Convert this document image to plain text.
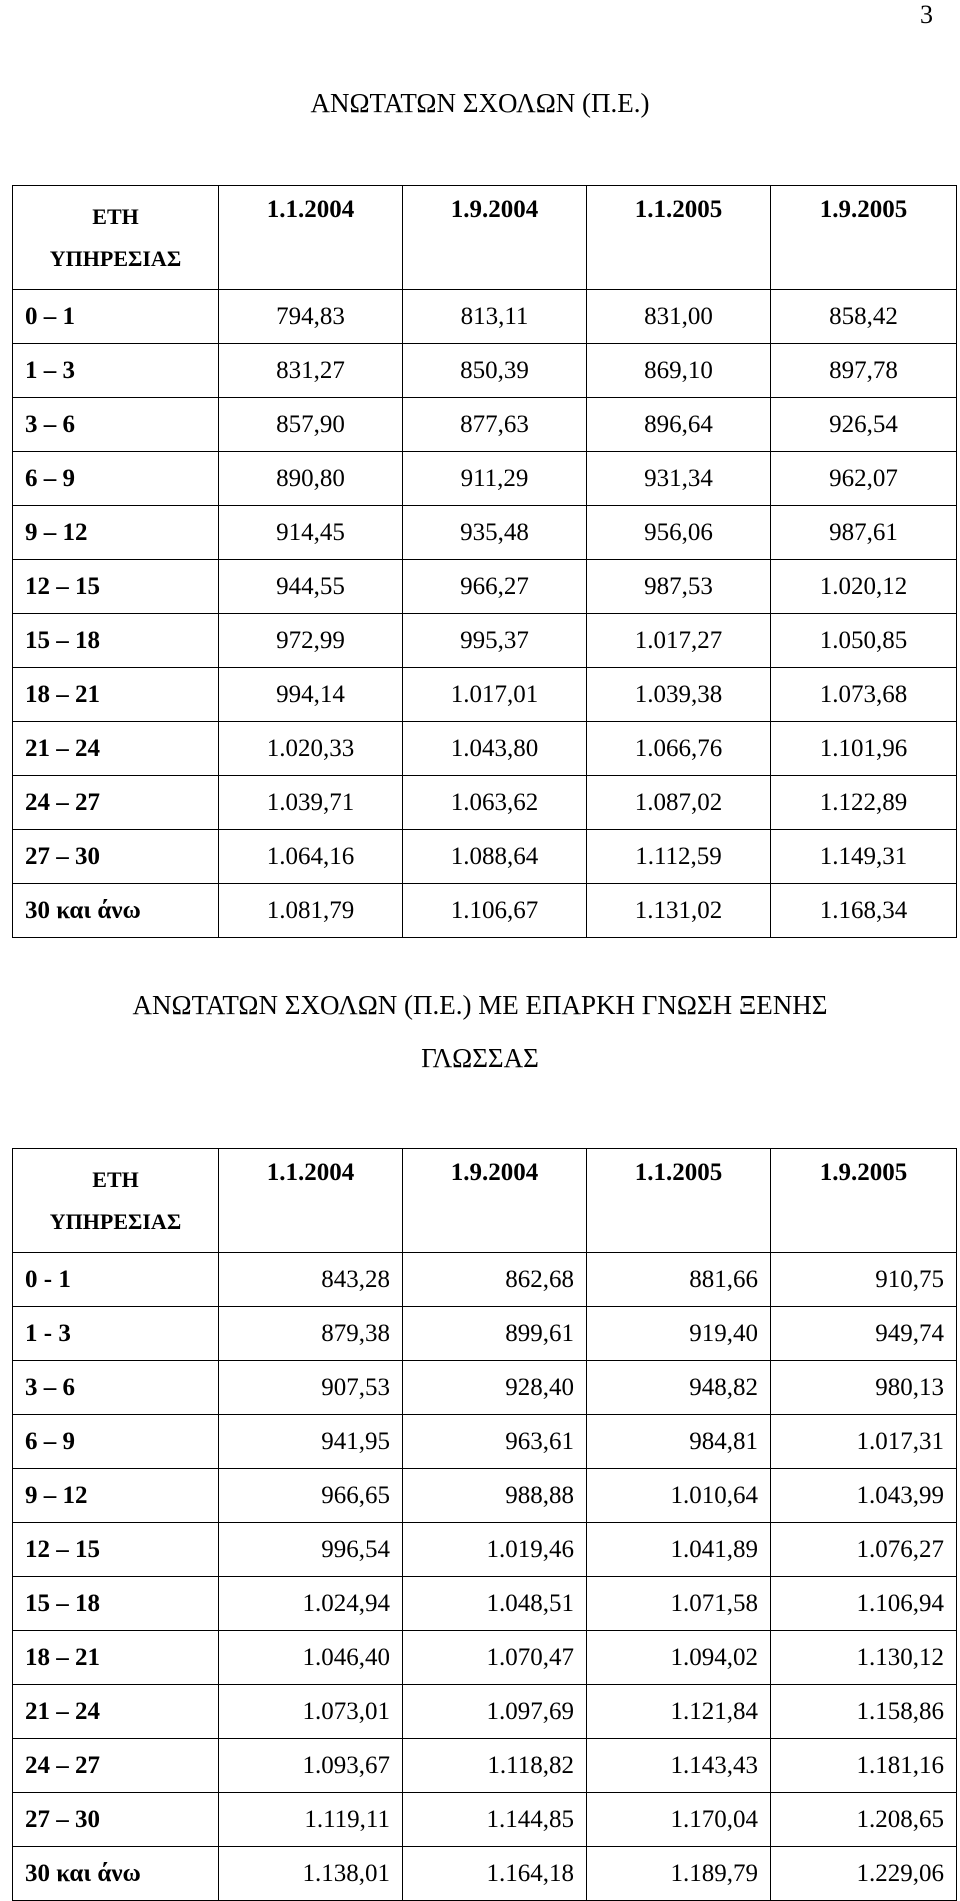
3
ΑΝΩΤΑΤΩΝ ΣΧΟΛΩΝ (Π.Ε.)
ΕΤΗ
ΥΠΗΡΕΣΙΑΣ	1.1.2004	1.9.2004	1.1.2005	1.9.2005
0 – 1	794,83	813,11	831,00	858,42
1 – 3	831,27	850,39	869,10	897,78
3 – 6	857,90	877,63	896,64	926,54
6 – 9	890,80	911,29	931,34	962,07
9 – 12	914,45	935,48	956,06	987,61
12 – 15	944,55	966,27	987,53	1.020,12
15 – 18	972,99	995,37	1.017,27	1.050,85
18 – 21	994,14	1.017,01	1.039,38	1.073,68
21 – 24	1.020,33	1.043,80	1.066,76	1.101,96
24 – 27	1.039,71	1.063,62	1.087,02	1.122,89
27 – 30	1.064,16	1.088,64	1.112,59	1.149,31
30 και άνω	1.081,79	1.106,67	1.131,02	1.168,34
ΑΝΩΤΑΤΩΝ ΣΧΟΛΩΝ (Π.Ε.) ΜΕ ΕΠΑΡΚΗ ΓΝΩΣΗ ΞΕΝΗΣ
ΓΛΩΣΣΑΣ
ΕΤΗ
ΥΠΗΡΕΣΙΑΣ	1.1.2004	1.9.2004	1.1.2005	1.9.2005
0 - 1	843,28	862,68	881,66	910,75
1 - 3	879,38	899,61	919,40	949,74
3 – 6	907,53	928,40	948,82	980,13
6 – 9	941,95	963,61	984,81	1.017,31
9 – 12	966,65	988,88	1.010,64	1.043,99
12 – 15	996,54	1.019,46	1.041,89	1.076,27
15 – 18	1.024,94	1.048,51	1.071,58	1.106,94
18 – 21	1.046,40	1.070,47	1.094,02	1.130,12
21 – 24	1.073,01	1.097,69	1.121,84	1.158,86
24 – 27	1.093,67	1.118,82	1.143,43	1.181,16
27 – 30	1.119,11	1.144,85	1.170,04	1.208,65
30 και άνω	1.138,01	1.164,18	1.189,79	1.229,06
